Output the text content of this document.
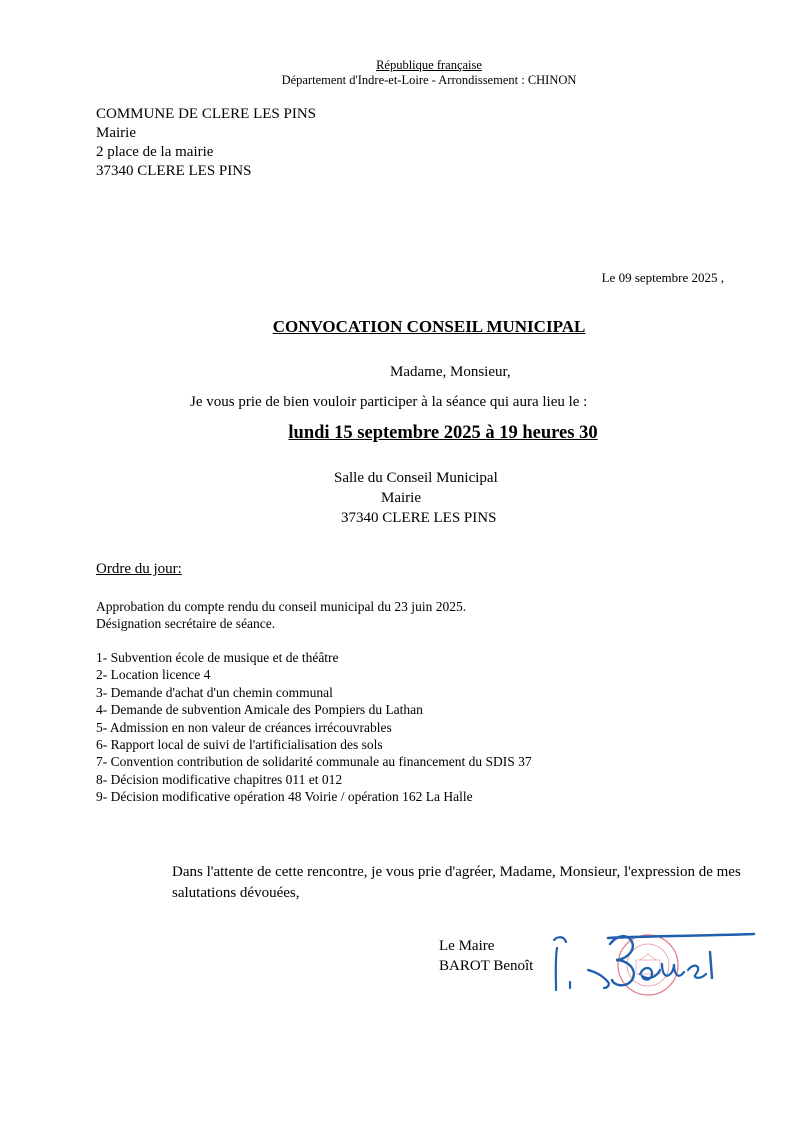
République française
Département d'Indre-et-Loire - Arrondissement : CHINON
COMMUNE DE CLERE LES PINS
Mairie
2 place de la mairie
37340 CLERE LES PINS
Le 09 septembre 2025 ,
CONVOCATION CONSEIL MUNICIPAL
Madame, Monsieur,
Je vous prie de bien vouloir participer à la séance qui aura lieu le :
lundi 15 septembre 2025 à 19 heures 30
Salle du Conseil Municipal
Mairie
37340 CLERE LES PINS
Ordre du jour:
Approbation du compte rendu du conseil municipal du 23 juin 2025.
Désignation secrétaire de séance.
1- Subvention école de musique et de théâtre
2- Location licence 4
3- Demande d'achat d'un chemin communal
4- Demande de subvention Amicale des Pompiers du Lathan
5- Admission en non valeur de créances irrécouvrables
6- Rapport local de suivi de l'artificialisation des sols
7- Convention contribution de solidarité communale au financement du SDIS 37
8- Décision modificative chapitres 011 et 012
9- Décision modificative opération 48 Voirie / opération 162 La Halle
Dans l'attente de cette rencontre, je vous prie d'agréer, Madame, Monsieur, l'expression de mes salutations dévouées,
Le Maire
BAROT Benoît
